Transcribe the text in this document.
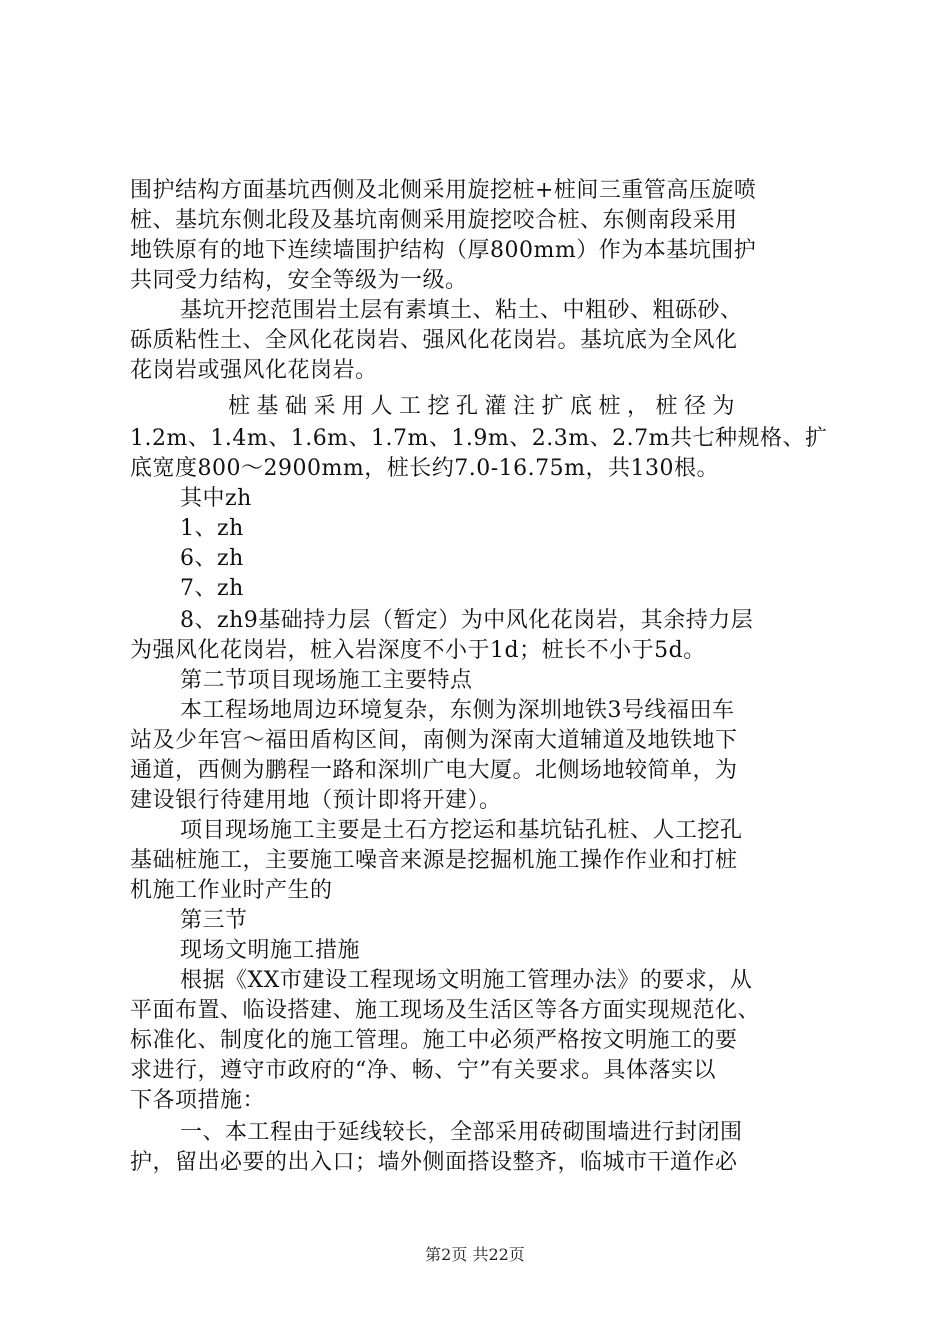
围护结构方面基坑西侧及北侧采用旋挖桩+桩间三重管高压旋喷
桩、基坑东侧北段及基坑南侧采用旋挖咬合桩、东侧南段采用
地铁原有的地下连续墙围护结构（厚800mm）作为本基坑围护
共同受力结构，安全等级为一级。
基坑开挖范围岩土层有素填土、粘土、中粗砂、粗砾砂、
砾质粘性土、全风化花岗岩、强风化花岗岩。基坑底为全风化
花岗岩或强风化花岗岩。
桩基础采用人工挖孔灌注扩底桩，桩径为
1.2m、1.4m、1.6m、1.7m、1.9m、2.3m、2.7m共七种规格、扩
底宽度800～2900mm，桩长约7.0-16.75m，共130根。
其中zh
1、zh
6、zh
7、zh
8、zh9基础持力层（暂定）为中风化花岗岩，其余持力层
为强风化花岗岩，桩入岩深度不小于1d；桩长不小于5d。
第二节项目现场施工主要特点
本工程场地周边环境复杂，东侧为深圳地铁3号线福田车
站及少年宫～福田盾构区间，南侧为深南大道辅道及地铁地下
通道，西侧为鹏程一路和深圳广电大厦。北侧场地较简单，为
建设银行待建用地（预计即将开建）。
项目现场施工主要是土石方挖运和基坑钻孔桩、人工挖孔
基础桩施工，主要施工噪音来源是挖掘机施工操作作业和打桩
机施工作业时产生的
第三节
现场文明施工措施
根据《XX市建设工程现场文明施工管理办法》的要求，从
平面布置、临设搭建、施工现场及生活区等各方面实现规范化、
标准化、制度化的施工管理。施工中必须严格按文明施工的要
求进行，遵守市政府的“净、畅、宁”有关要求。具体落实以
下各项措施：
一、本工程由于延线较长，全部采用砖砌围墙进行封闭围
护，留出必要的出入口；墙外侧面搭设整齐，临城市干道作必
第2页 共22页
